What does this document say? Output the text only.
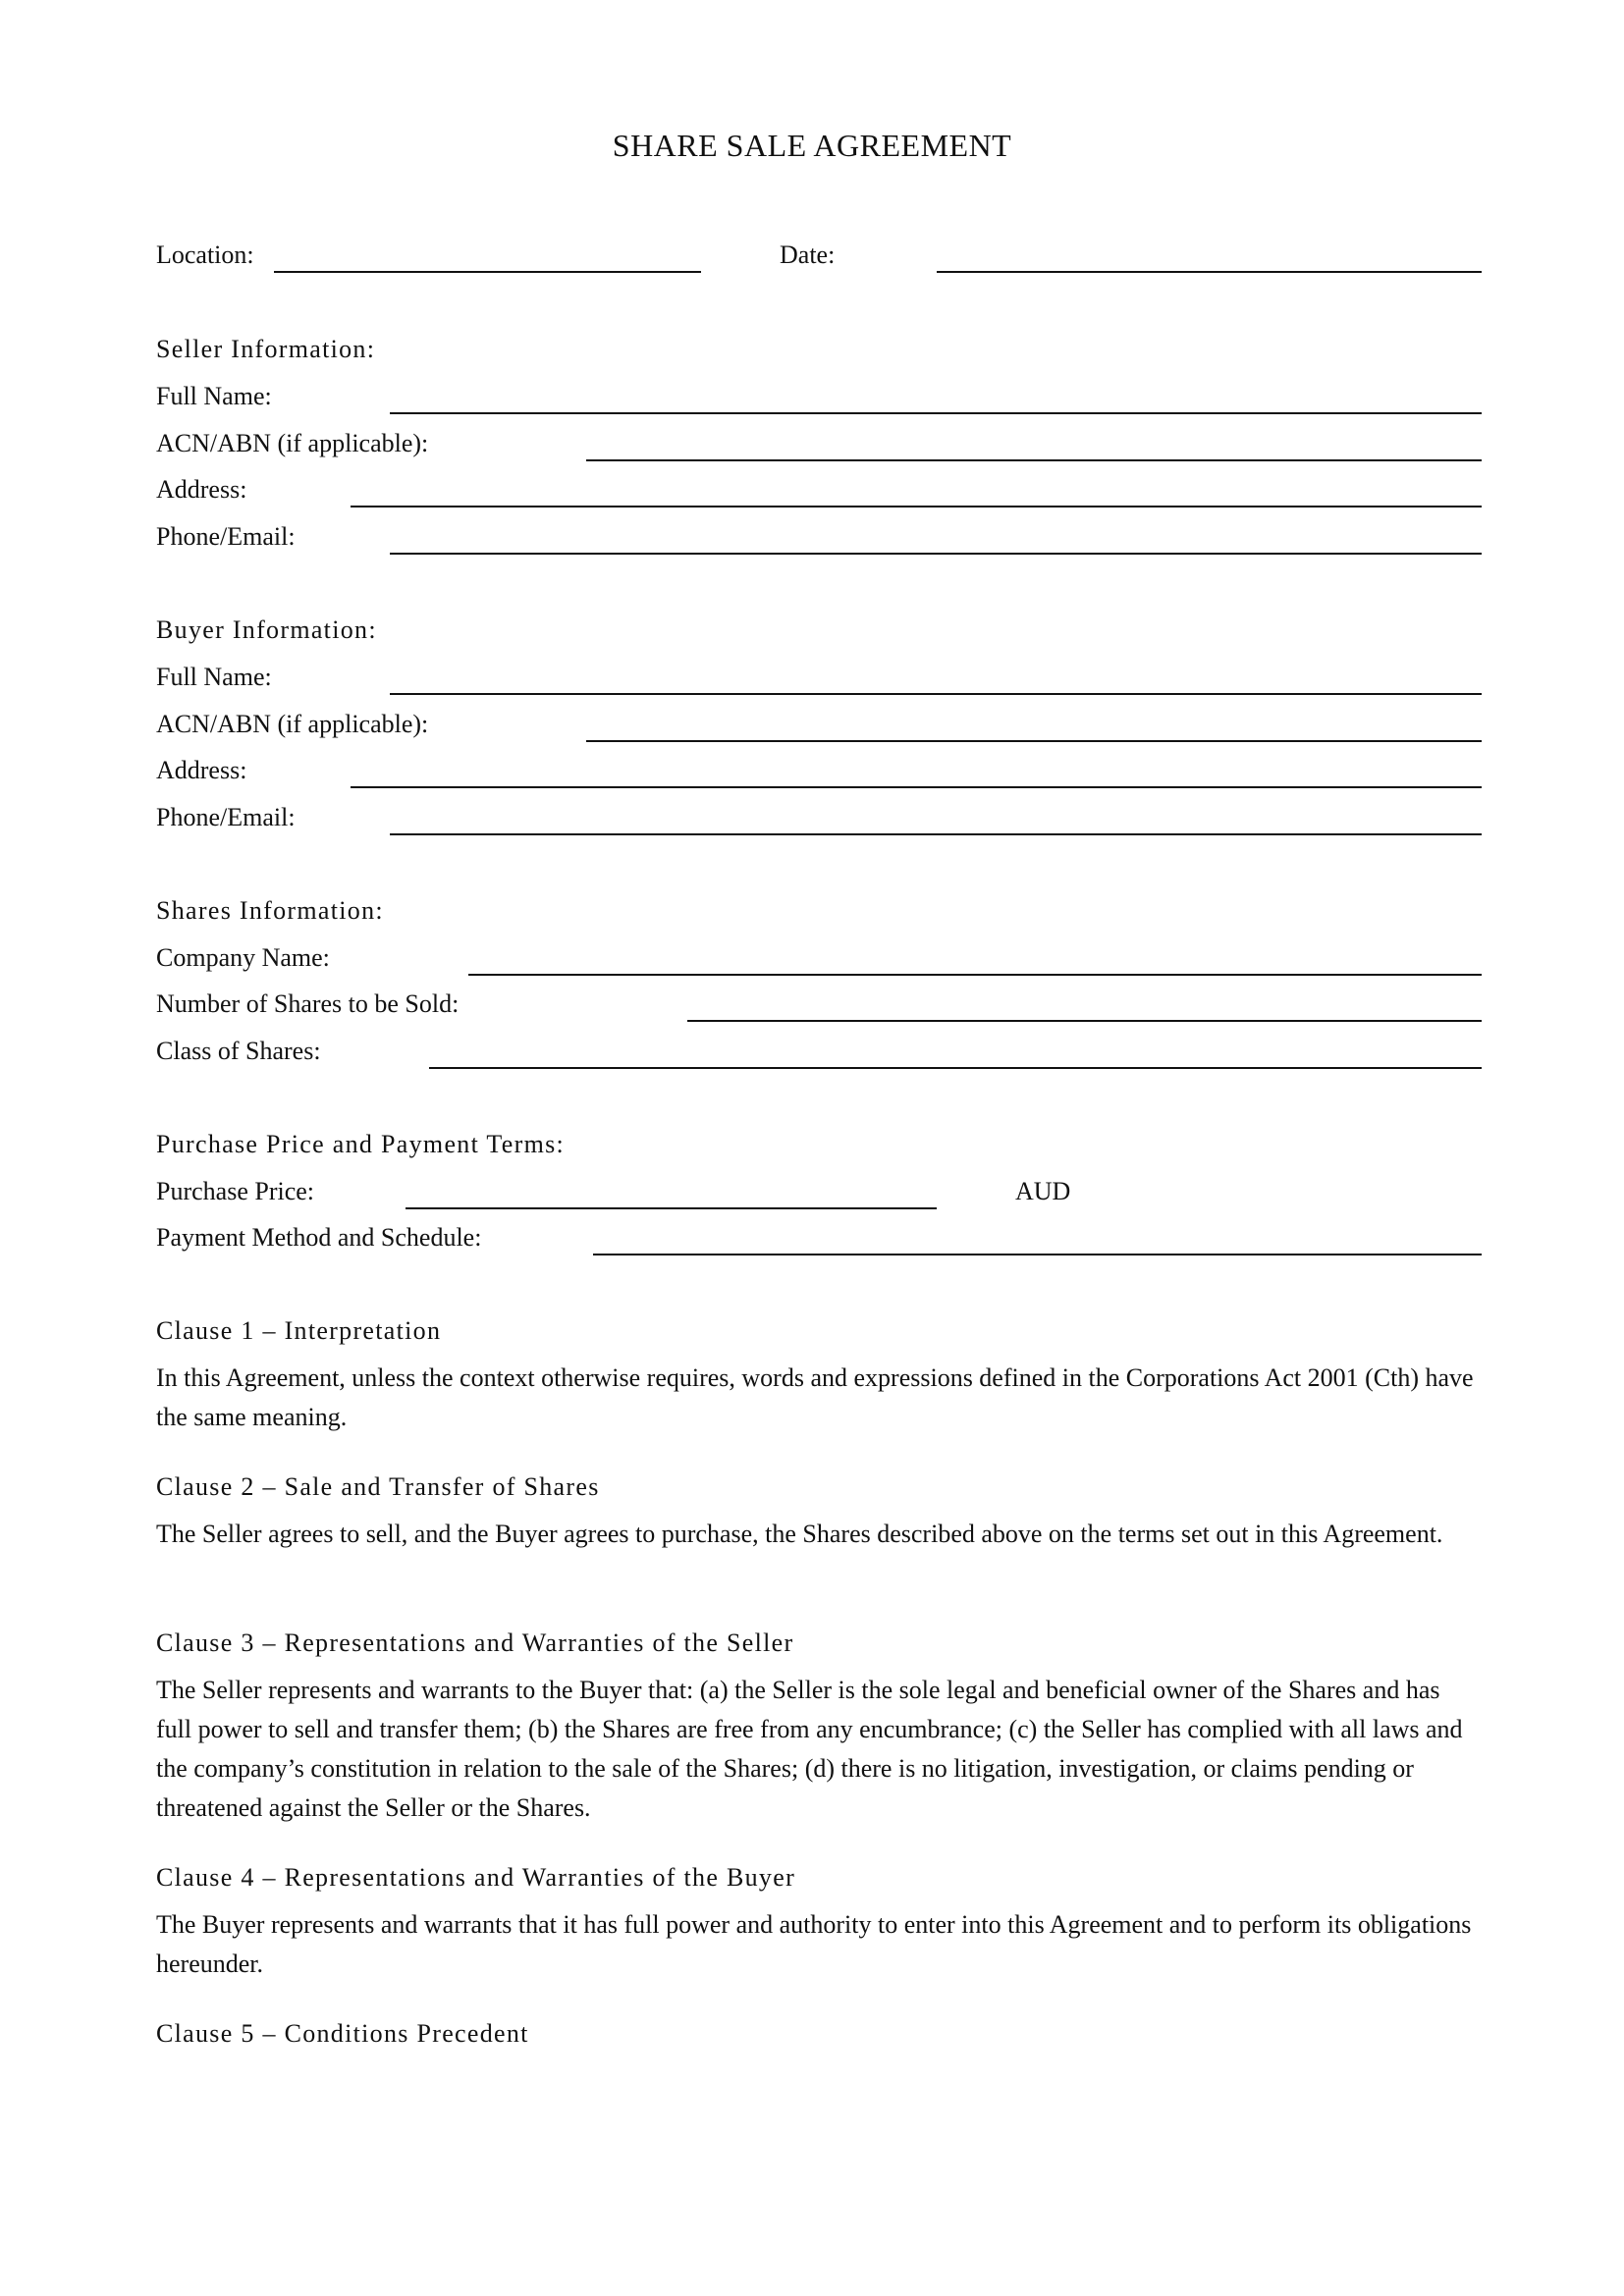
SHARE SALE AGREEMENT
Location:	Date:
Seller Information:
Full Name:
ACN/ABN (if applicable):
Address:
Phone/Email:
Buyer Information:
Full Name:
ACN/ABN (if applicable):
Address:
Phone/Email:
Shares Information:
Company Name:
Number of Shares to be Sold:
Class of Shares:
Purchase Price and Payment Terms:
Purchase Price:	AUD
Payment Method and Schedule:
Clause 1 – Interpretation
In this Agreement, unless the context otherwise requires, words and expressions defined in the Corporations Act 2001 (Cth) have the same meaning.
Clause 2 – Sale and Transfer of Shares
The Seller agrees to sell, and the Buyer agrees to purchase, the Shares described above on the terms set out in this Agreement.
Clause 3 – Representations and Warranties of the Seller
The Seller represents and warrants to the Buyer that: (a) the Seller is the sole legal and beneficial owner of the Shares and has full power to sell and transfer them; (b) the Shares are free from any encumbrance; (c) the Seller has complied with all laws and the company’s constitution in relation to the sale of the Shares; (d) there is no litigation, investigation, or claims pending or threatened against the Seller or the Shares.
Clause 4 – Representations and Warranties of the Buyer
The Buyer represents and warrants that it has full power and authority to enter into this Agreement and to perform its obligations hereunder.
Clause 5 – Conditions Precedent
